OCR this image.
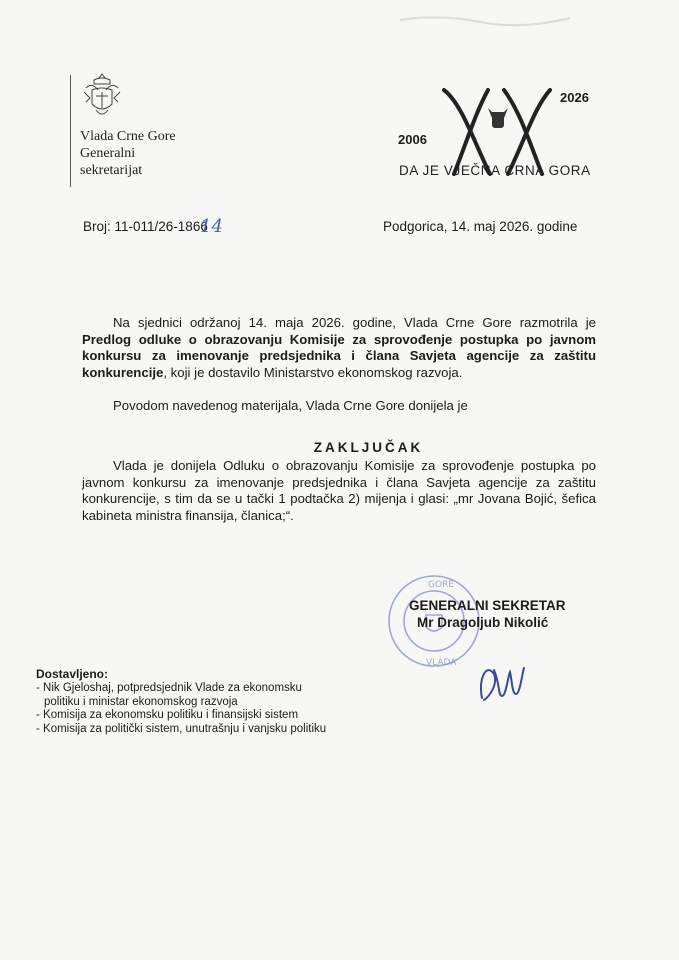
Vlada Crne Gore
Generalni
sekretarijat
2006
2026
DA JE VJEČNA CRNA GORA
Broj: 11-011/26-1866
14	Podgorica, 14. maj 2026. godine

Na sjednici održanoj 14. maja 2026. godine, Vlada Crne Gore razmotrila je Predlog odluke o obrazovanju Komisije za sprovođenje postupka po javnom konkursu za imenovanje predsjednika i člana Savjeta agencije za zaštitu konkurencije, koji je dostavilo Ministarstvo ekonomskog razvoja.

Povodom navedenog materijala, Vlada Crne Gore donijela je

ZAKLJUČAK

Vlada je donijela Odluku o obrazovanju Komisije za sprovođenje postupka po javnom konkursu za imenovanje predsjednika i člana Savjeta agencije za zaštitu konkurencije, s tim da se u tački 1 podtačka 2) mijenja i glasi: „mr Jovana Bojić, šefica kabineta ministra finansija, članica;“.

GORE
VLADA
GENERALNI SEKRETAR
Mr Dragoljub Nikolić
Dostavljeno:
- Nik Gjeloshaj, potpredsjednik Vlade za ekonomsku
politiku i ministar ekonomskog razvoja
- Komisija za ekonomsku politiku i finansijski sistem
- Komisija za politički sistem, unutrašnju i vanjsku politiku
